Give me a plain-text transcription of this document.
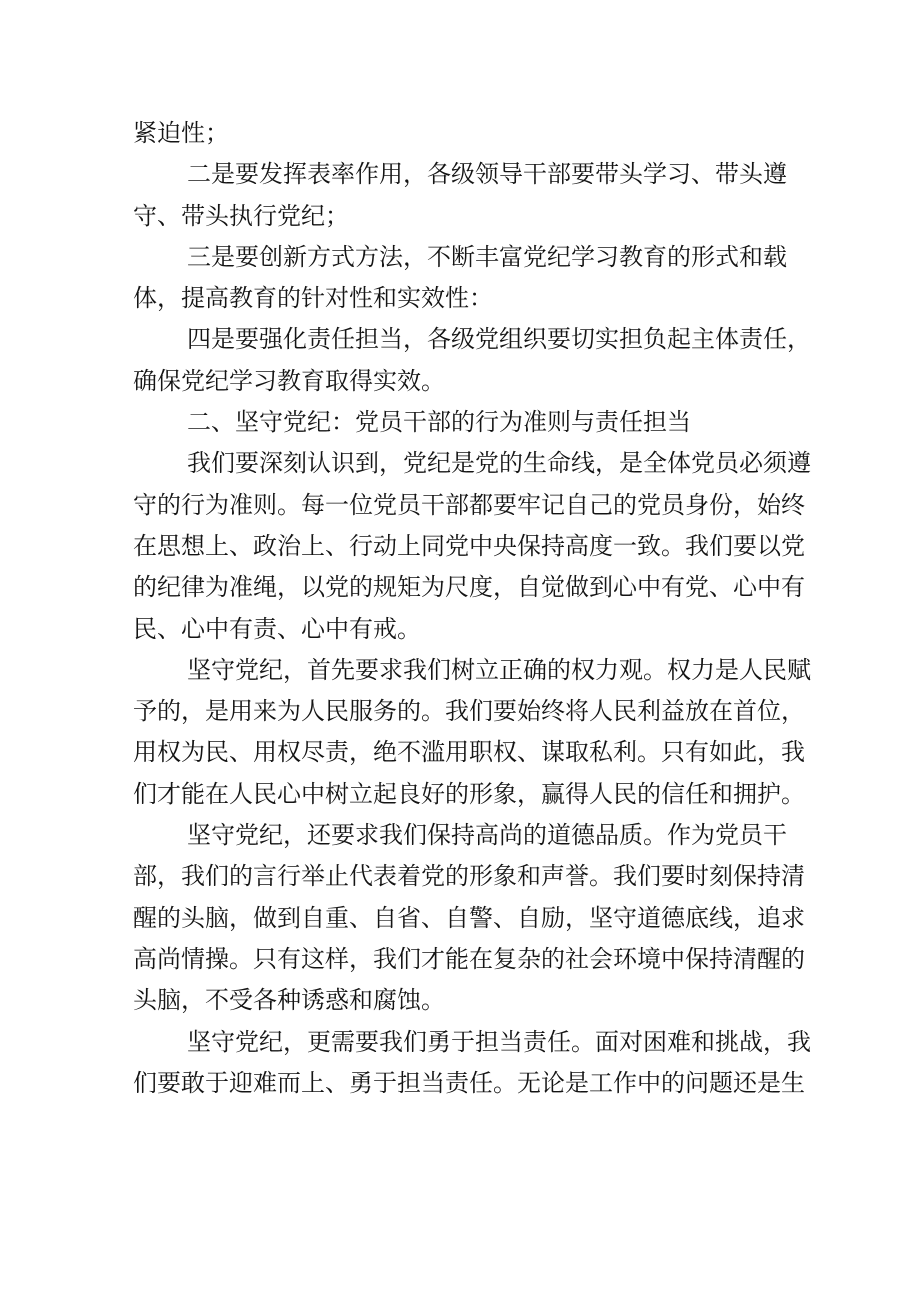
紧迫性；
二 是 要 发 挥 表 率 作 用 ， 各 级 领 导 干 部 要 带 头 学 习 、 带 头 遵
守、带头执行党纪；
三 是 要 创 新 方 式 方 法 ， 不 断 丰 富 党 纪 学 习 教 育 的 形 式 和 载
体，提高教育的针对性和实效性：
四 是 要 强 化 责 任 担 当 ， 各 级 党 组 织 要 切 实 担 负 起 主 体 责 任 ，
确保党纪学习教育取得实效。
二、坚守党纪：党员干部的行为准则与责任担当
我 们 要 深 刻 认 识 到 ， 党 纪 是 党 的 生 命 线 ， 是 全 体 党 员 必 须 遵
守 的 行 为 准 则 。 每 一 位 党 员 干 部 都 要 牢 记 自 己 的 党 员 身 份 ， 始 终
在 思 想 上 、 政 治 上 、 行 动 上 同 党 中 央 保 持 高 度 一 致 。 我 们 要 以 党
的 纪 律 为 准 绳 ， 以 党 的 规 矩 为 尺 度 ， 自 觉 做 到 心 中 有 党 、 心 中 有
民、心中有责、心中有戒。
坚 守 党 纪 ， 首 先 要 求 我 们 树 立 正 确 的 权 力 观 。 权 力 是 人 民 赋
予 的 ， 是 用 来 为 人 民 服 务 的 。 我 们 要 始 终 将 人 民 利 益 放 在 首 位 ，
用 权 为 民 、 用 权 尽 责 ， 绝 不 滥 用 职 权 、 谋 取 私 利 。 只 有 如 此 ， 我
们 才 能 在 人 民 心 中 树 立 起 良 好 的 形 象 ， 赢 得 人 民 的 信 任 和 拥 护 。
坚 守 党 纪 ， 还 要 求 我 们 保 持 高 尚 的 道 德 品 质 。 作 为 党 员 干
部 ， 我 们 的 言 行 举 止 代 表 着 党 的 形 象 和 声 誉 。 我 们 要 时 刻 保 持 清
醒 的 头 脑 ， 做 到 自 重 、 自 省 、 自 警 、 自 励 ， 坚 守 道 德 底 线 ， 追 求
高 尚 情 操 。 只 有 这 样 ， 我 们 才 能 在 复 杂 的 社 会 环 境 中 保 持 清 醒 的
头脑，不受各种诱惑和腐蚀。
坚 守 党 纪 ， 更 需 要 我 们 勇 于 担 当 责 任 。 面 对 困 难 和 挑 战 ， 我
们 要 敢 于 迎 难 而 上 、 勇 于 担 当 责 任 。 无 论 是 工 作 中 的 问 题 还 是 生
